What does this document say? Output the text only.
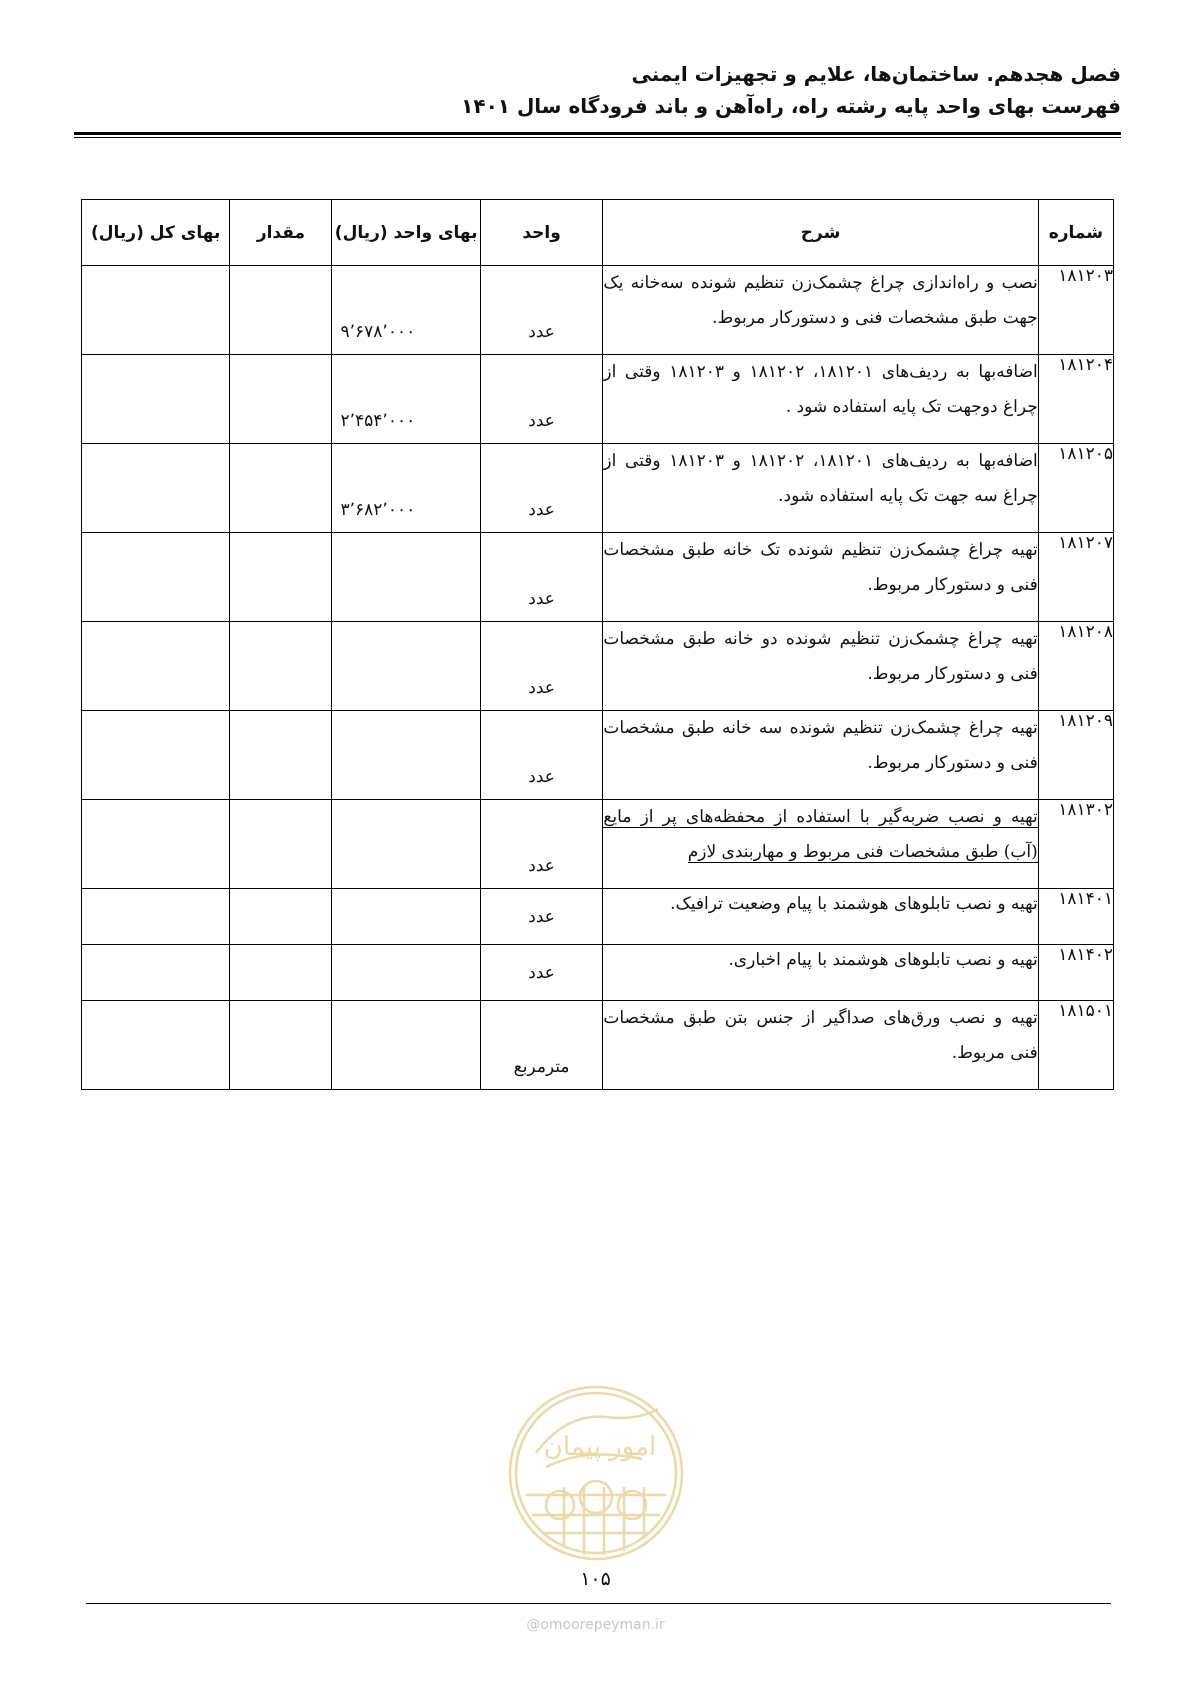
فصل هجدهم. ساختمان‌ها، علایم و تجهیزات ایمنی
فهرست بهای واحد پایه رشته راه، راه‌آهن و باند فرودگاه سال ۱۴۰۱
شماره	شرح	واحد	بهای واحد (ریال)	مقدار	بهای کل (ریال)
۱۸۱۲۰۳	نصب و راه‌اندازی چراغ چشمک‌زن تنظیم شونده سه‌خانه یک جهت طبق مشخصات فنی و دستورکار مربوط.	عدد	۹٬۶۷۸٬۰۰۰		
۱۸۱۲۰۴	اضافه‌بها به ردیف‌های ۱۸۱۲۰۱، ۱۸۱۲۰۲ و ۱۸۱۲۰۳ وقتی از چراغ دوجهت تک پایه استفاده شود .	عدد	۲٬۴۵۴٬۰۰۰		
۱۸۱۲۰۵	اضافه‌بها به ردیف‌های ۱۸۱۲۰۱، ۱۸۱۲۰۲ و ۱۸۱۲۰۳ وقتی از چراغ سه جهت تک پایه استفاده شود.	عدد	۳٬۶۸۲٬۰۰۰		
۱۸۱۲۰۷	تهیه چراغ چشمک‌زن تنظیم شونده تک خانه طبق مشخصات فنی و دستورکار مربوط.	عدد			
۱۸۱۲۰۸	تهیه چراغ چشمک‌زن تنظیم شونده دو خانه طبق مشخصات فنی و دستورکار مربوط.	عدد			
۱۸۱۲۰۹	تهیه چراغ چشمک‌زن تنظیم شونده سه خانه طبق مشخصات فنی و دستورکار مربوط.	عدد			
۱۸۱۳۰۲	تهیه و نصب ضربه‌گیر با استفاده از محفظه‌های پر از مایع (آب) طبق مشخصات فنی مربوط و مهاربندی لازم	عدد			
۱۸۱۴۰۱	تهیه و نصب تابلوهای هوشمند با پیام وضعیت ترافیک.	عدد			
۱۸۱۴۰۲	تهیه و نصب تابلوهای هوشمند با پیام اخباری.	عدد			
۱۸۱۵۰۱	تهیه و نصب ورق‌های صداگیر از جنس بتن طبق مشخصات فنی مربوط.	مترمربع			
امور پیمان
۱۰۵
@omoorepeyman.ir
